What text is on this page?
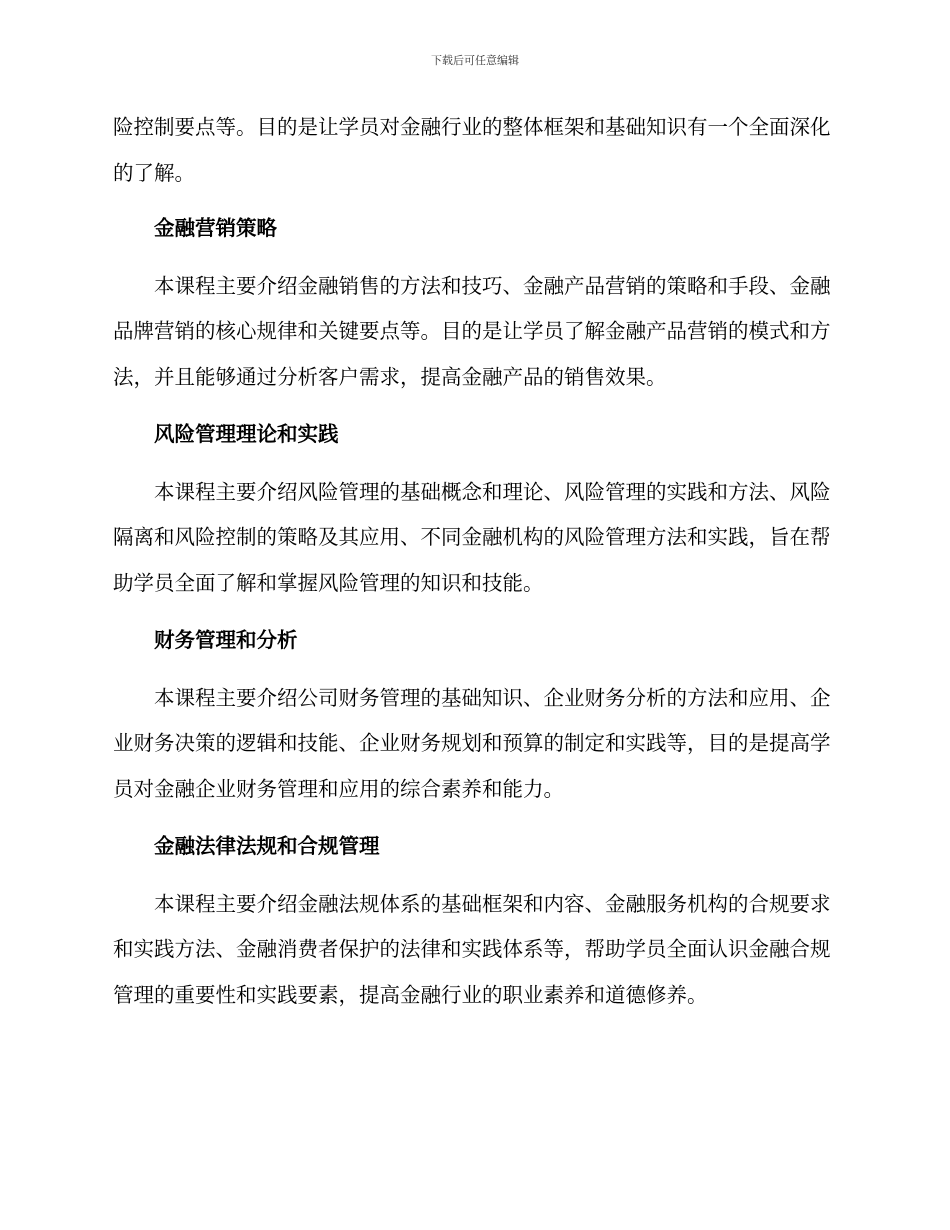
下载后可任意编辑

险控制要点等。目的是让学员对金融行业的整体框架和基础知识有一个全面深化的了解。

金融营销策略

本课程主要介绍金融销售的方法和技巧、金融产品营销的策略和手段、金融品牌营销的核心规律和关键要点等。目的是让学员了解金融产品营销的模式和方法，并且能够通过分析客户需求，提高金融产品的销售效果。

风险管理理论和实践

本课程主要介绍风险管理的基础概念和理论、风险管理的实践和方法、风险隔离和风险控制的策略及其应用、不同金融机构的风险管理方法和实践，旨在帮助学员全面了解和掌握风险管理的知识和技能。

财务管理和分析

本课程主要介绍公司财务管理的基础知识、企业财务分析的方法和应用、企业财务决策的逻辑和技能、企业财务规划和预算的制定和实践等，目的是提高学员对金融企业财务管理和应用的综合素养和能力。

金融法律法规和合规管理

本课程主要介绍金融法规体系的基础框架和内容、金融服务机构的合规要求和实践方法、金融消费者保护的法律和实践体系等，帮助学员全面认识金融合规管理的重要性和实践要素，提高金融行业的职业素养和道德修养。
